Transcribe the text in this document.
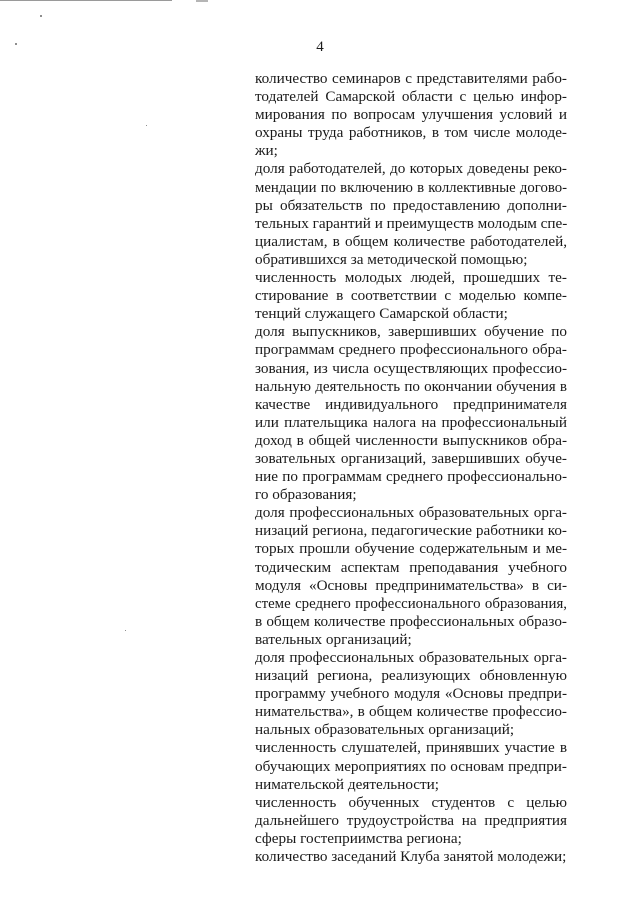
4
количество семинаров с представителями рабо-
тодателей Самарской области с целью инфор-
мирования по вопросам улучшения условий и
охраны труда работников, в том числе молоде-
жи;
доля работодателей, до которых доведены реко-
мендации по включению в коллективные догово-
ры обязательств по предоставлению дополни-
тельных гарантий и преимуществ молодым спе-
циалистам, в общем количестве работодателей,
обратившихся за методической помощью;
численность молодых людей, прошедших те-
стирование в соответствии с моделью компе-
тенций служащего Самарской области;
доля выпускников, завершивших обучение по
программам среднего профессионального обра-
зования, из числа осуществляющих профессио-
нальную деятельность по окончании обучения в
качестве индивидуального предпринимателя
или плательщика налога на профессиональный
доход в общей численности выпускников обра-
зовательных организаций, завершивших обуче-
ние по программам среднего профессионально-
го образования;
доля профессиональных образовательных орга-
низаций региона, педагогические работники ко-
торых прошли обучение содержательным и ме-
тодическим аспектам преподавания учебного
модуля «Основы предпринимательства» в си-
стеме среднего профессионального образования,
в общем количестве профессиональных образо-
вательных организаций;
доля профессиональных образовательных орга-
низаций региона, реализующих обновленную
программу учебного модуля «Основы предпри-
нимательства», в общем количестве профессио-
нальных образовательных организаций;
численность слушателей, принявших участие в
обучающих мероприятиях по основам предпри-
нимательской деятельности;
численность обученных студентов с целью
дальнейшего трудоустройства на предприятия
сферы гостеприимства региона;
количество заседаний Клуба занятой молодежи;
